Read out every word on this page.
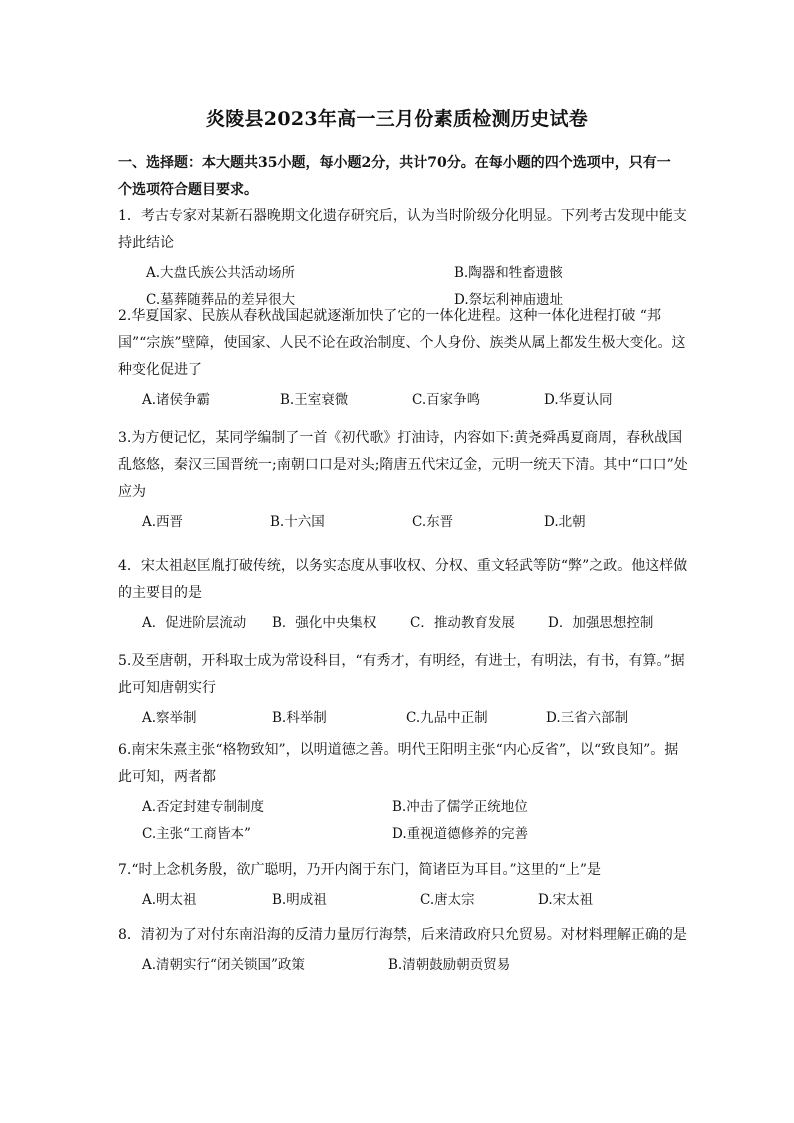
炎陵县2023年高一三月份素质检测历史试卷
一、选择题：本大题共35小题，每小题2分，共计70分。在每小题的四个选项中，只有一个选项符合题目要求。
1．考古专家对某新石器晚期文化遗存研究后，认为当时阶级分化明显。下列考古发现中能支持此结论
A.大盘氏族公共活动场所	B.陶器和牲畜遗骸
C.墓葬随葬品的差异很大	D.祭坛利神庙遗址
2.华夏国家、民族从春秋战国起就逐渐加快了它的一体化进程。这种一体化进程打破 “邦国”“宗族”壁障，使国家、人民不论在政治制度、个人身份、族类从属上都发生极大变化。这种变化促进了
A.诸侯争霸	B.王室衰微	C.百家争鸣	D.华夏认同
3.为方便记忆，某同学编制了一首《初代歌》打油诗，内容如下:黄尧舜禹夏商周，春秋战国乱悠悠，秦汉三国晋统一;南朝口口是对头;隋唐五代宋辽金，元明一统天下清。其中“口口”处应为
A.西晋	B.十六国	C.东晋	D.北朝
4．宋太祖赵匡胤打破传统，以务实态度从事收权、分权、重文轻武等防“弊”之政。他这样做的主要目的是
A．促进阶层流动 B．强化中央集权 C．推动教育发展 D．加强思想控制
5.及至唐朝，开科取士成为常设科目，“有秀才，有明经，有进士，有明法，有书，有算。”据此可知唐朝实行
A.察举制	B.科举制	C.九品中正制	D.三省六部制
6.南宋朱熹主张“格物致知”，以明道德之善。明代王阳明主张“内心反省”，以“致良知”。据此可知，两者都
A.否定封建专制制度	B.冲击了儒学正统地位
C.主张“工商皆本”	D.重视道德修养的完善
7.“时上念机务殷，欲广聪明，乃开内阁于东门，简诸臣为耳目。”这里的“上”是
A.明太祖	B.明成祖	C.唐太宗	D.宋太祖
8．清初为了对付东南沿海的反清力量厉行海禁，后来清政府只允贸易。对材料理解正确的是
A.清朝实行“闭关锁国”政策	B.清朝鼓励朝贡贸易
